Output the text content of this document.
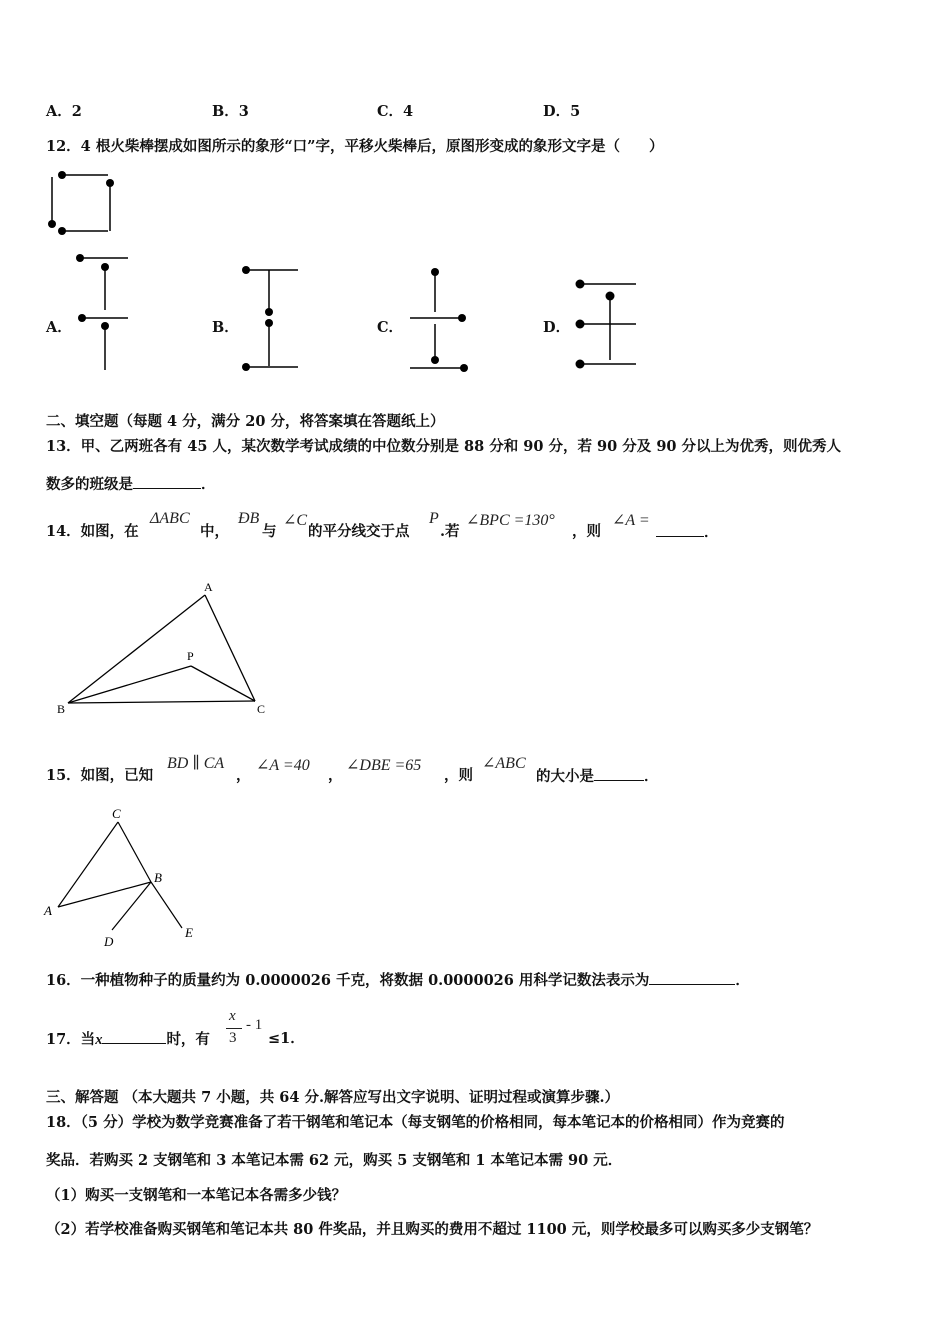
A．2	B．3	C．4	D．5
12．4 根火柴棒摆成如图所示的象形“口”字，平移火柴棒后，原图形变成的象形文字是（　　）
A．	B．	C．	D．
二、填空题（每题 4 分，满分 20 分，将答案填在答题纸上）
13．甲、乙两班各有 45 人，某次数学考试成绩的中位数分别是 88 分和 90 分，若 90 分及 90 分以上为优秀，则优秀人
数多的班级是	．
14．如图，在
ΔABC
中，
ÐB
与
∠C
的平分线交于点
P
.若
∠BPC =130°
，则
∠A =
．
A
B	C
P
15．如图，已知
BD ∥ CA
，
∠A =40
，
∠DBE =65
，则
∠ABC
的大小是	．
C
B
A
D
E
16．一种植物种子的质量约为 0.0000026 千克，将数据 0.0000026 用科学记数法表示为	．
17．当x	时，有
x
3
- 1
≤1．
三、解答题 （本大题共 7 小题，共 64 分.解答应写出文字说明、证明过程或演算步骤.）
18．（5 分）学校为数学竞赛准备了若干钢笔和笔记本（每支钢笔的价格相同，每本笔记本的价格相同）作为竞赛的
奖品．若购买 2 支钢笔和 3 本笔记本需 62 元，购买 5 支钢笔和 1 本笔记本需 90 元．
（1）购买一支钢笔和一本笔记本各需多少钱？
（2）若学校准备购买钢笔和笔记本共 80 件奖品，并且购买的费用不超过 1100 元，则学校最多可以购买多少支钢笔？
